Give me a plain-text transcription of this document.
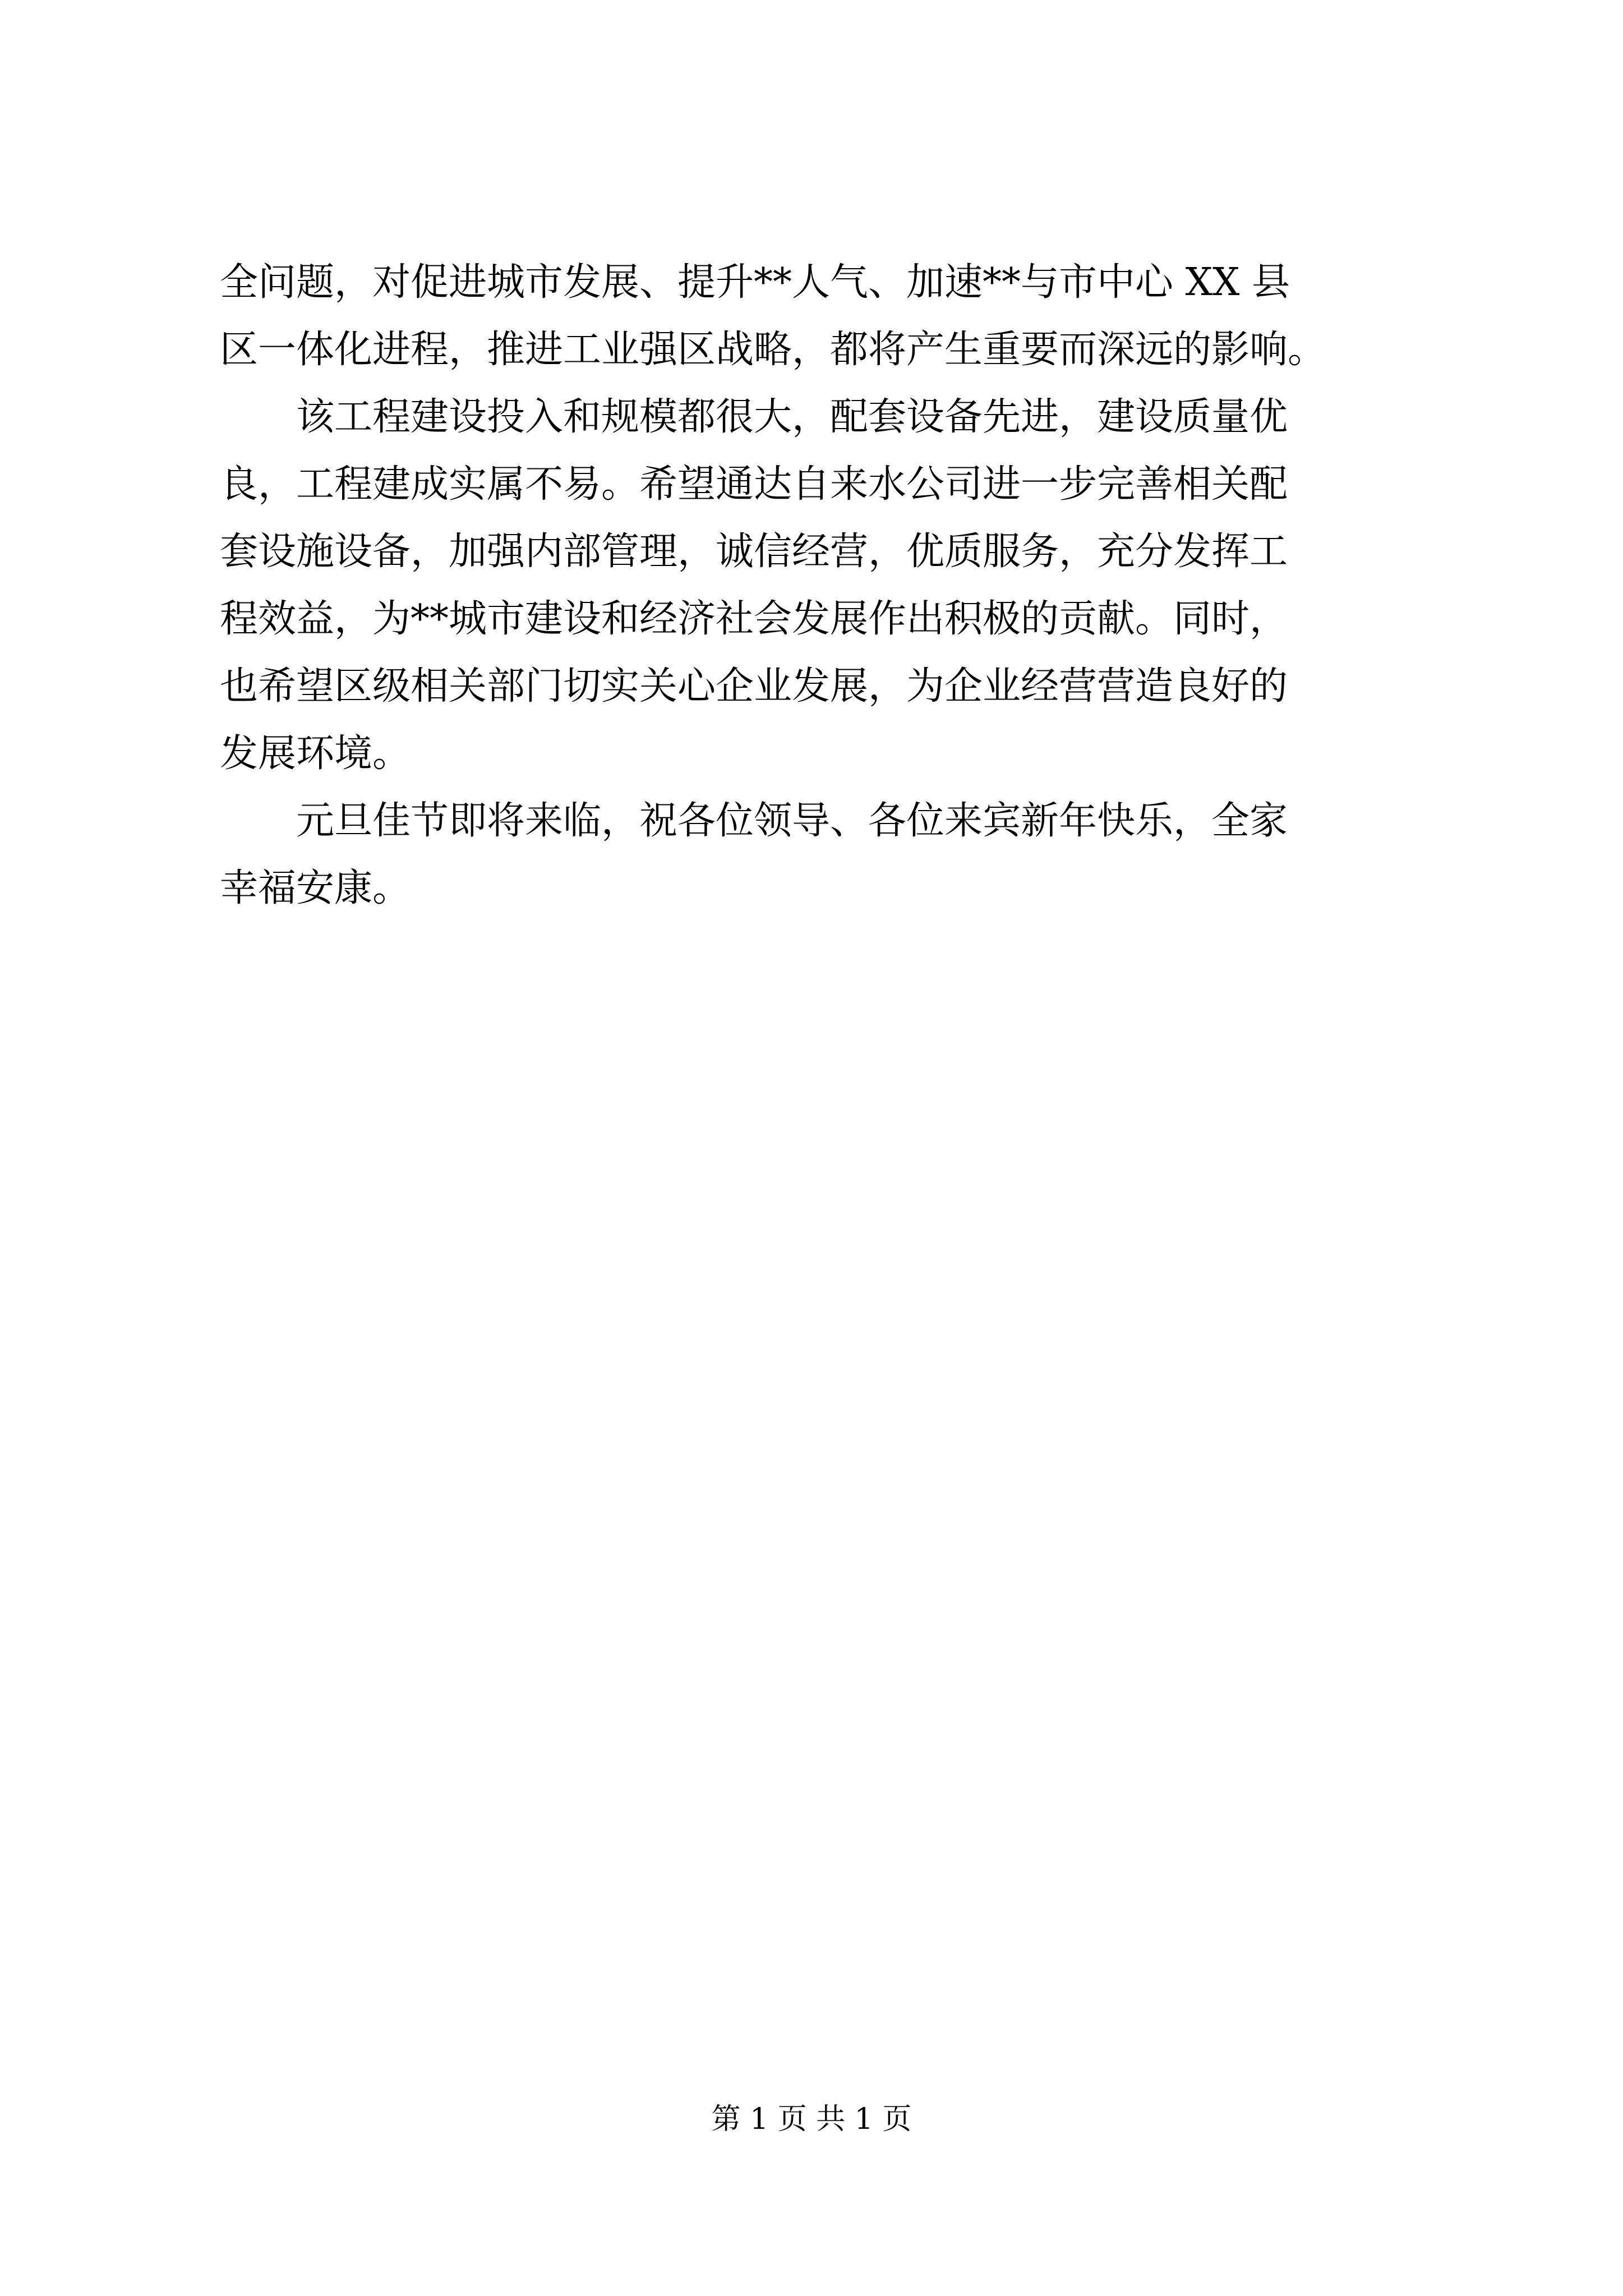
全问题，对促进城市发展、提升**人气、加速**与市中心 XX 县
区一体化进程，推进工业强区战略，都将产生重要而深远的影响。
该工程建设投入和规模都很大，配套设备先进，建设质量优
良，工程建成实属不易。希望通达自来水公司进一步完善相关配
套设施设备，加强内部管理，诚信经营，优质服务，充分发挥工
程效益，为**城市建设和经济社会发展作出积极的贡献。同时，
也希望区级相关部门切实关心企业发展，为企业经营营造良好的
发展环境。
元旦佳节即将来临，祝各位领导、各位来宾新年快乐，全家
幸福安康。
第 1 页 共 1 页
